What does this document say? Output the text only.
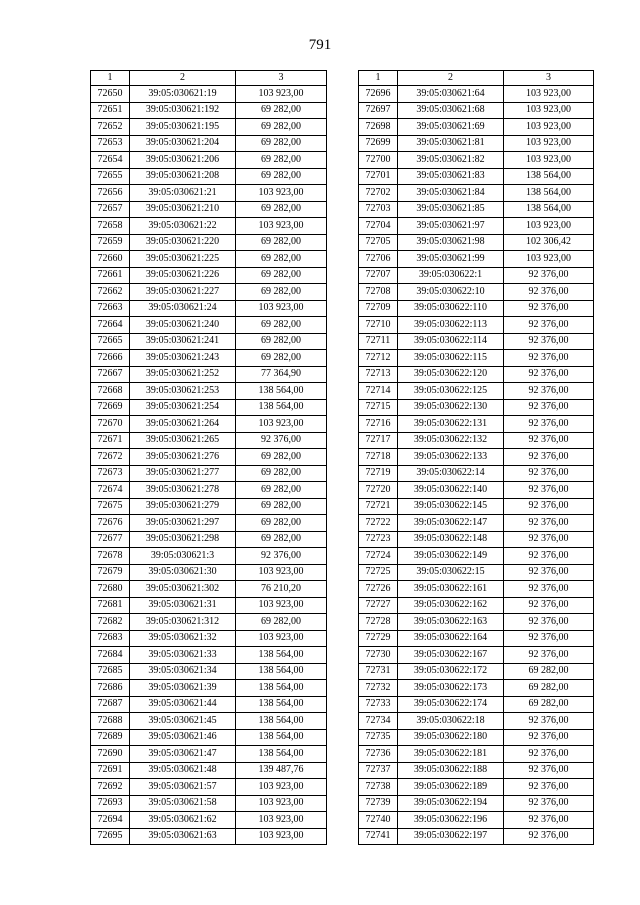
791
1	2	3
72650	39:05:030621:19	103 923,00
72651	39:05:030621:192	69 282,00
72652	39:05:030621:195	69 282,00
72653	39:05:030621:204	69 282,00
72654	39:05:030621:206	69 282,00
72655	39:05:030621:208	69 282,00
72656	39:05:030621:21	103 923,00
72657	39:05:030621:210	69 282,00
72658	39:05:030621:22	103 923,00
72659	39:05:030621:220	69 282,00
72660	39:05:030621:225	69 282,00
72661	39:05:030621:226	69 282,00
72662	39:05:030621:227	69 282,00
72663	39:05:030621:24	103 923,00
72664	39:05:030621:240	69 282,00
72665	39:05:030621:241	69 282,00
72666	39:05:030621:243	69 282,00
72667	39:05:030621:252	77 364,90
72668	39:05:030621:253	138 564,00
72669	39:05:030621:254	138 564,00
72670	39:05:030621:264	103 923,00
72671	39:05:030621:265	92 376,00
72672	39:05:030621:276	69 282,00
72673	39:05:030621:277	69 282,00
72674	39:05:030621:278	69 282,00
72675	39:05:030621:279	69 282,00
72676	39:05:030621:297	69 282,00
72677	39:05:030621:298	69 282,00
72678	39:05:030621:3	92 376,00
72679	39:05:030621:30	103 923,00
72680	39:05:030621:302	76 210,20
72681	39:05:030621:31	103 923,00
72682	39:05:030621:312	69 282,00
72683	39:05:030621:32	103 923,00
72684	39:05:030621:33	138 564,00
72685	39:05:030621:34	138 564,00
72686	39:05:030621:39	138 564,00
72687	39:05:030621:44	138 564,00
72688	39:05:030621:45	138 564,00
72689	39:05:030621:46	138 564,00
72690	39:05:030621:47	138 564,00
72691	39:05:030621:48	139 487,76
72692	39:05:030621:57	103 923,00
72693	39:05:030621:58	103 923,00
72694	39:05:030621:62	103 923,00
72695	39:05:030621:63	103 923,00
1	2	3
72696	39:05:030621:64	103 923,00
72697	39:05:030621:68	103 923,00
72698	39:05:030621:69	103 923,00
72699	39:05:030621:81	103 923,00
72700	39:05:030621:82	103 923,00
72701	39:05:030621:83	138 564,00
72702	39:05:030621:84	138 564,00
72703	39:05:030621:85	138 564,00
72704	39:05:030621:97	103 923,00
72705	39:05:030621:98	102 306,42
72706	39:05:030621:99	103 923,00
72707	39:05:030622:1	92 376,00
72708	39:05:030622:10	92 376,00
72709	39:05:030622:110	92 376,00
72710	39:05:030622:113	92 376,00
72711	39:05:030622:114	92 376,00
72712	39:05:030622:115	92 376,00
72713	39:05:030622:120	92 376,00
72714	39:05:030622:125	92 376,00
72715	39:05:030622:130	92 376,00
72716	39:05:030622:131	92 376,00
72717	39:05:030622:132	92 376,00
72718	39:05:030622:133	92 376,00
72719	39:05:030622:14	92 376,00
72720	39:05:030622:140	92 376,00
72721	39:05:030622:145	92 376,00
72722	39:05:030622:147	92 376,00
72723	39:05:030622:148	92 376,00
72724	39:05:030622:149	92 376,00
72725	39:05:030622:15	92 376,00
72726	39:05:030622:161	92 376,00
72727	39:05:030622:162	92 376,00
72728	39:05:030622:163	92 376,00
72729	39:05:030622:164	92 376,00
72730	39:05:030622:167	92 376,00
72731	39:05:030622:172	69 282,00
72732	39:05:030622:173	69 282,00
72733	39:05:030622:174	69 282,00
72734	39:05:030622:18	92 376,00
72735	39:05:030622:180	92 376,00
72736	39:05:030622:181	92 376,00
72737	39:05:030622:188	92 376,00
72738	39:05:030622:189	92 376,00
72739	39:05:030622:194	92 376,00
72740	39:05:030622:196	92 376,00
72741	39:05:030622:197	92 376,00
